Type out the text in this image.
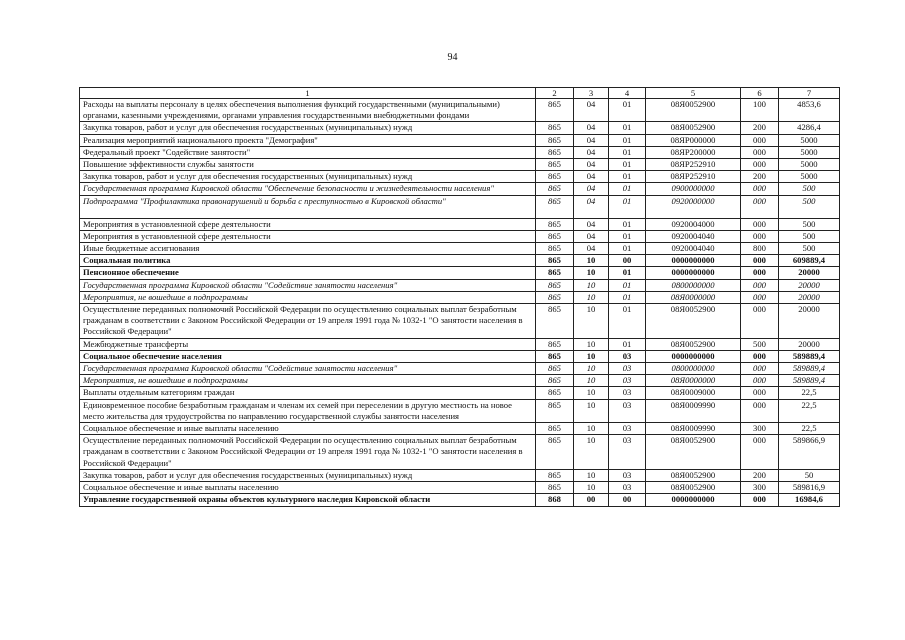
94
1	2	3	4	5	6	7
Расходы на выплаты персоналу в целях обеспечения выполнения функций государственными (муниципальными) органами, казенными учреждениями, органами управления государственными внебюджетными фондами	865	04	01	08Я0052900	100	4853,6
Закупка товаров, работ и услуг для обеспечения государственных (муниципальных) нужд	865	04	01	08Я0052900	200	4286,4
Реализация мероприятий национального проекта "Демография"	865	04	01	08ЯР000000	000	5000
Федеральный проект "Содействие занятости"	865	04	01	08ЯР200000	000	5000
Повышение эффективности службы занятости	865	04	01	08ЯР252910	000	5000
Закупка товаров, работ и услуг для обеспечения государственных (муниципальных) нужд	865	04	01	08ЯР252910	200	5000
Государственная программа Кировской области "Обеспечение безопасности и жизнедеятельности населения"	865	04	01	0900000000	000	500
Подпрограмма "Профилактика правонарушений и борьба с преступностью в Кировской области"	865	04	01	0920000000	000	500
Мероприятия в установленной сфере деятельности	865	04	01	0920004000	000	500
Мероприятия в установленной сфере деятельности	865	04	01	0920004040	000	500
Иные бюджетные ассигнования	865	04	01	0920004040	800	500
Социальная политика	865	10	00	0000000000	000	609889,4
Пенсионное обеспечение	865	10	01	0000000000	000	20000
Государственная программа Кировской области "Содействие занятости населения"	865	10	01	0800000000	000	20000
Мероприятия, не вошедшие в подпрограммы	865	10	01	08Я0000000	000	20000
Осуществление переданных полномочий Российской Федерации по осуществлению социальных выплат безработным гражданам в соответствии с Законом Российской Федерации от 19 апреля 1991 года № 1032-1 "О занятости населения в Российской Федерации"	865	10	01	08Я0052900	000	20000
Межбюджетные трансферты	865	10	01	08Я0052900	500	20000
Социальное обеспечение населения	865	10	03	0000000000	000	589889,4
Государственная программа Кировской области "Содействие занятости населения"	865	10	03	0800000000	000	589889,4
Мероприятия, не вошедшие в подпрограммы	865	10	03	08Я0000000	000	589889,4
Выплаты отдельным категориям граждан	865	10	03	08Я0009000	000	22,5
Единовременное пособие безработным гражданам и членам их семей при переселении в другую местность на новое место жительства для трудоустройства по направлению государственной службы занятости населения	865	10	03	08Я0009990	000	22,5
Социальное обеспечение и иные выплаты населению	865	10	03	08Я0009990	300	22,5
Осуществление переданных полномочий Российской Федерации по осуществлению социальных выплат безработным гражданам в соответствии с Законом Российской Федерации от 19 апреля 1991 года № 1032-1 "О занятости населения в Российской Федерации"	865	10	03	08Я0052900	000	589866,9
Закупка товаров, работ и услуг для обеспечения государственных (муниципальных) нужд	865	10	03	08Я0052900	200	50
Социальное обеспечение и иные выплаты населению	865	10	03	08Я0052900	300	589816,9
Управление государственной охраны объектов культурного наследия Кировской области	868	00	00	0000000000	000	16984,6
